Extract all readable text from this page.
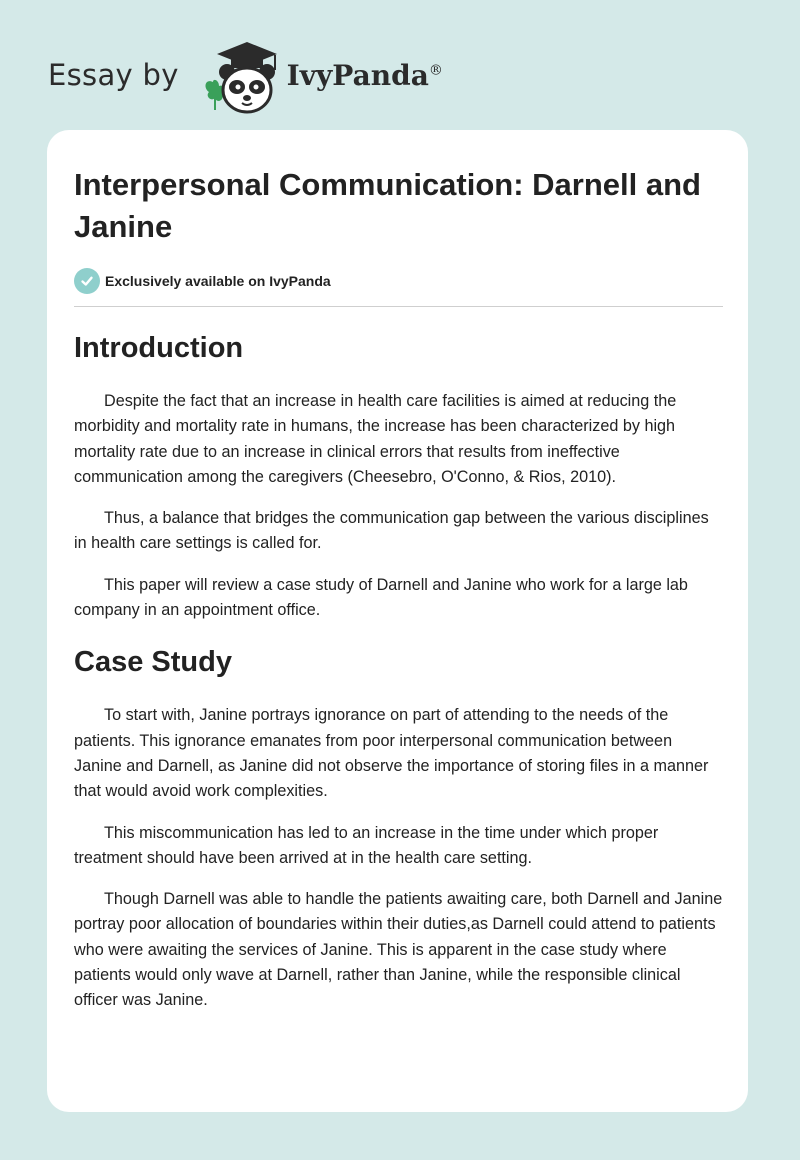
Essay by	IvyPanda®
Interpersonal Communication: Darnell and Janine
Exclusively available on IvyPanda
Introduction

Despite the fact that an increase in health care facilities is aimed at reducing the morbidity and mortality rate in humans, the increase has been characterized by high mortality rate due to an increase in clinical errors that results from ineffective communication among the caregivers (Cheesebro, O'Conno, & Rios, 2010).

Thus, a balance that bridges the communication gap between the various disciplines in health care settings is called for.

This paper will review a case study of Darnell and Janine who work for a large lab company in an appointment office.

Case Study

To start with, Janine portrays ignorance on part of attending to the needs of the patients. This ignorance emanates from poor interpersonal communication between Janine and Darnell, as Janine did not observe the importance of storing files in a manner that would avoid work complexities.

This miscommunication has led to an increase in the time under which proper treatment should have been arrived at in the health care setting.

Though Darnell was able to handle the patients awaiting care, both Darnell and Janine portray poor allocation of boundaries within their duties,as Darnell could attend to patients who were awaiting the services of Janine. This is apparent in the case study where patients would only wave at Darnell, rather than Janine, while the responsible clinical officer was Janine.
